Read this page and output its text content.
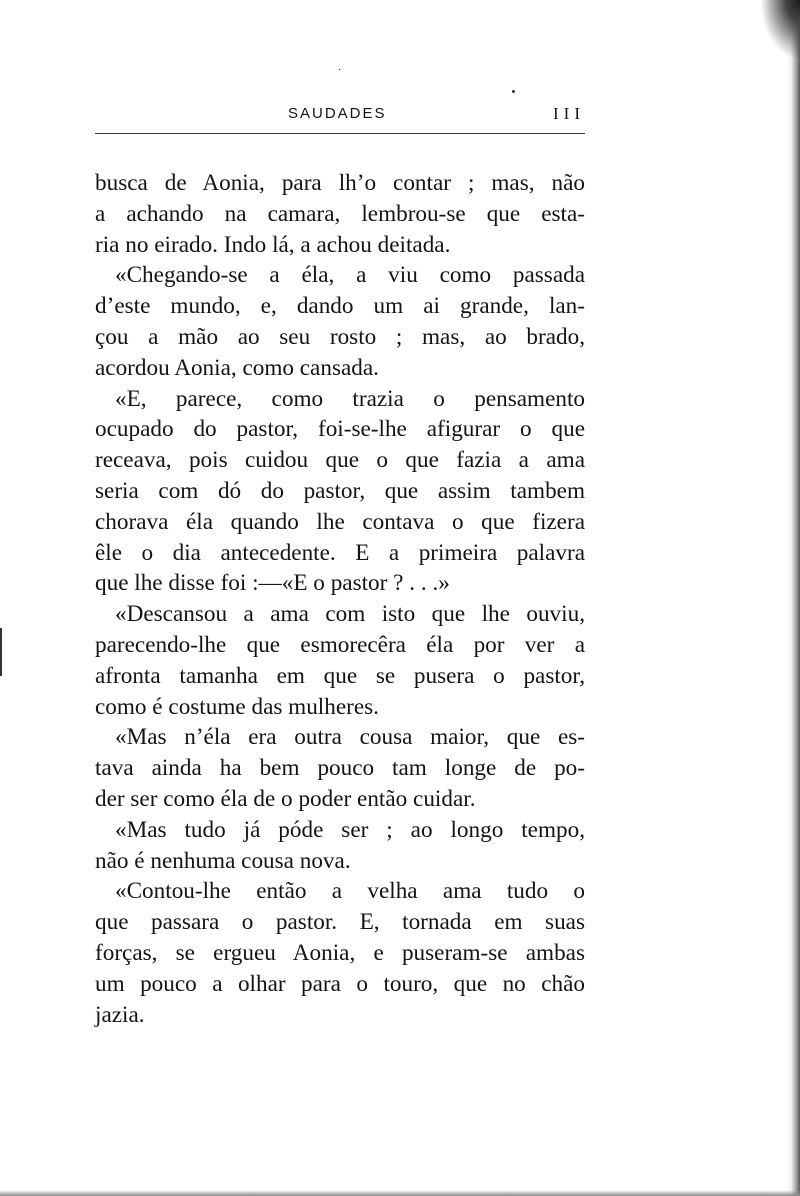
·
SAUDADES	III
busca de Aonia, para lh’o contar ; mas, não
a achando na camara, lembrou-se que esta-
ria no eirado. Indo lá, a achou deitada.
«Chegando-se a éla, a viu como passada
d’este mundo, e, dando um ai grande, lan-
çou a mão ao seu rosto ; mas, ao brado,
acordou Aonia, como cansada.
«E, parece, como trazia o pensamento
ocupado do pastor, foi-se-lhe afigurar o que
receava, pois cuidou que o que fazia a ama
seria com dó do pastor, que assim tambem
chorava éla quando lhe contava o que fizera
êle o dia antecedente. E a primeira palavra
que lhe disse foi :—«E o pastor ? . . .»
«Descansou a ama com isto que lhe ouviu,
parecendo-lhe que esmorecêra éla por ver a
afronta tamanha em que se pusera o pastor,
como é costume das mulheres.
«Mas n’éla era outra cousa maior, que es-
tava ainda ha bem pouco tam longe de po-
der ser como éla de o poder então cuidar.
«Mas tudo já póde ser ; ao longo tempo,
não é nenhuma cousa nova.
«Contou-lhe então a velha ama tudo o
que passara o pastor. E, tornada em suas
forças, se ergueu Aonia, e puseram-se ambas
um pouco a olhar para o touro, que no chão
jazia.
